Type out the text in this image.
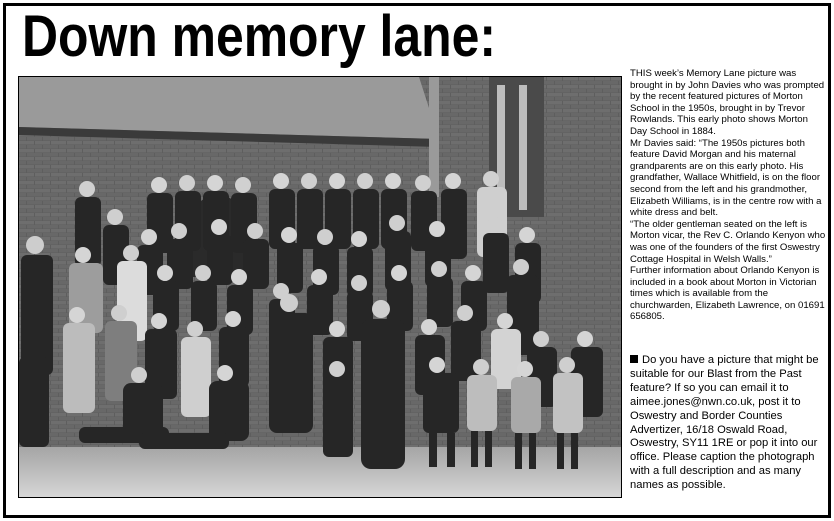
Down memory lane:

THIS week’s Memory Lane picture was brought in by John Davies who was prompted by the recent featured pictures of Morton School in the 1950s, brought in by Trevor Rowlands. This early photo shows Morton Day School in 1884.

Mr Davies said: “The 1950s pictures both feature David Morgan and his maternal grandparents are on this early photo. His grandfather, Wallace Whitfield, is on the floor second from the left and his grandmother, Elizabeth Williams, is in the centre row with a white dress and belt.

“The older gentleman seated on the left is Morton vicar, the Rev C. Orlando Kenyon who was one of the founders of the first Oswestry Cottage Hospital in Welsh Walls.”

Further information about Orlando Kenyon is included in a book about Morton in Victorian times which is available from the churchwarden, Elizabeth Lawrence, on 01691 656805.

Do you have a picture that might be suitable for our Blast from the Past feature? If so you can email it to aimee.jones@nwn.co.uk, post it to Oswestry and Border Counties Advertizer, 16/18 Oswald Road, Oswestry, SY11 1RE or pop it into our office. Please caption the photograph with a full description and as many names as possible.
